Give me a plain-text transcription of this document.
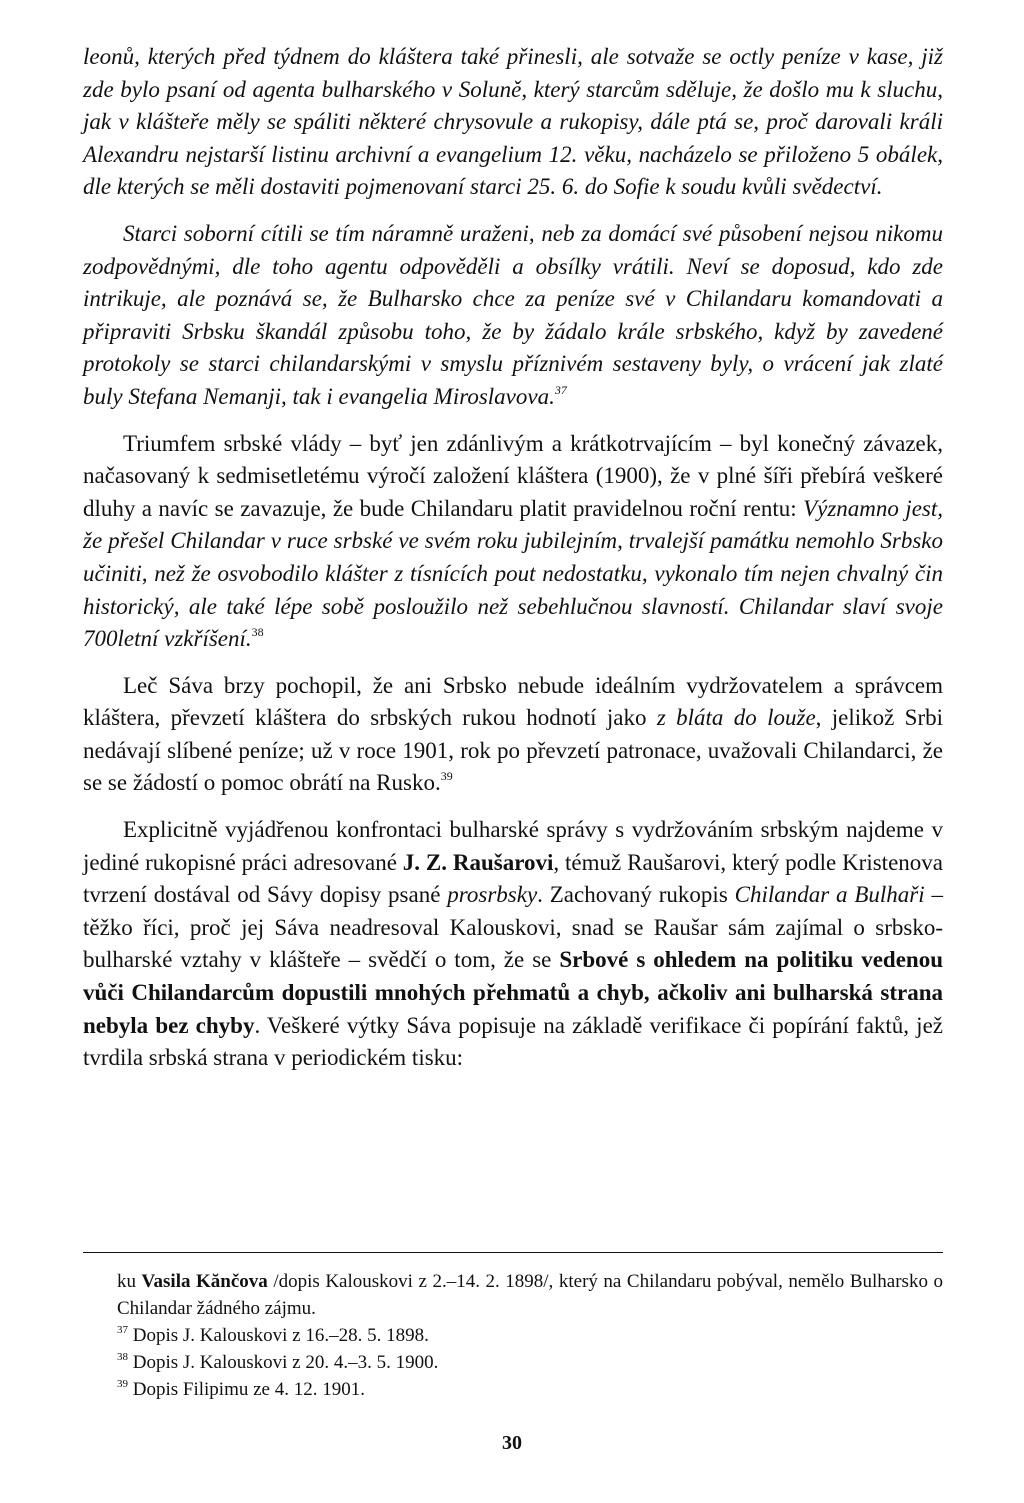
leonů, kterých před týdnem do kláštera také přinesli, ale sotvaže se octly peníze v kase, již zde bylo psaní od agenta bulharského v Soluně, který starcům sděluje, že došlo mu k sluchu, jak v klášteře měly se spáliti některé chrysovule a rukopisy, dále ptá se, proč darovali králi Alexandru nejstarší listinu archivní a evangelium 12. věku, nacházelo se přiloženo 5 obálek, dle kterých se měli dostaviti pojmenovaní starci 25. 6. do Sofie k soudu kvůli svědectví.

Starci soborní cítili se tím náramně uraženi, neb za domácí své působení nejsou nikomu zodpovědnými, dle toho agentu odpověděli a obsílky vrátili. Neví se doposud, kdo zde intrikuje, ale poznává se, že Bulharsko chce za peníze své v Chilandaru komandovati a připraviti Srbsku škandál způsobu toho, že by žádalo krále srbského, když by zavedené protokoly se starci chilandarskými v smyslu příznivém sestaveny byly, o vrácení jak zlaté buly Stefana Nemanji, tak i evangelia Miroslavova.$^{37}$

Triumfem srbské vlády – byť jen zdánlivým a krátkotrvajícím – byl konečný závazek, načasovaný k sedmisetletému výročí založení kláštera (1900), že v plné šíři přebírá veškeré dluhy a navíc se zavazuje, že bude Chilandaru platit pravidelnou roční rentu: Významno jest, že přešel Chilandar v ruce srbské ve svém roku jubilejním, trvalejší památku nemohlo Srbsko učiniti, než že osvobodilo klášter z tísnících pout nedostatku, vykonalo tím nejen chvalný čin historický, ale také lépe sobě posloužilo než sebehlučnou slavností. Chilandar slaví svoje 700letní vzkříšení.$^{38}$

Leč Sáva brzy pochopil, že ani Srbsko nebude ideálním vydržovatelem a správcem kláštera, převzetí kláštera do srbských rukou hodnotí jako z bláta do louže, jelikož Srbi nedávají slíbené peníze; už v roce 1901, rok po převzetí patronace, uvažovali Chilandarci, že se se žádostí o pomoc obrátí na Rusko.$^{39}$

Explicitně vyjádřenou konfrontaci bulharské správy s vydržováním srbským najdeme v jediné rukopisné práci adresované J. Z. Raušarovi, témuž Raušarovi, který podle Kristenova tvrzení dostával od Sávy dopisy psané prosrbsky. Zachovaný rukopis Chilandar a Bulhaři – těžko říci, proč jej Sáva neadresoval Kalouskovi, snad se Raušar sám zajímal o srbsko-bulharské vztahy v klášteře – svědčí o tom, že se Srbové s ohledem na politiku vedenou vůči Chilandarcům dopustili mnohých přehmatů a chyb, ačkoliv ani bulharská strana nebyla bez chyby. Veškeré výtky Sáva popisuje na základě verifikace či popírání faktů, jež tvrdila srbská strana v periodickém tisku:

ku Vasila Kănčova /dopis Kalouskovi z 2.–14. 2. 1898/, který na Chilandaru pobýval, nemělo Bulharsko o Chilandar žádného zájmu.

$^{37}$ Dopis J. Kalouskovi z 16.–28. 5. 1898.

$^{38}$ Dopis J. Kalouskovi z 20. 4.–3. 5. 1900.

$^{39}$ Dopis Filipimu ze 4. 12. 1901.

30
